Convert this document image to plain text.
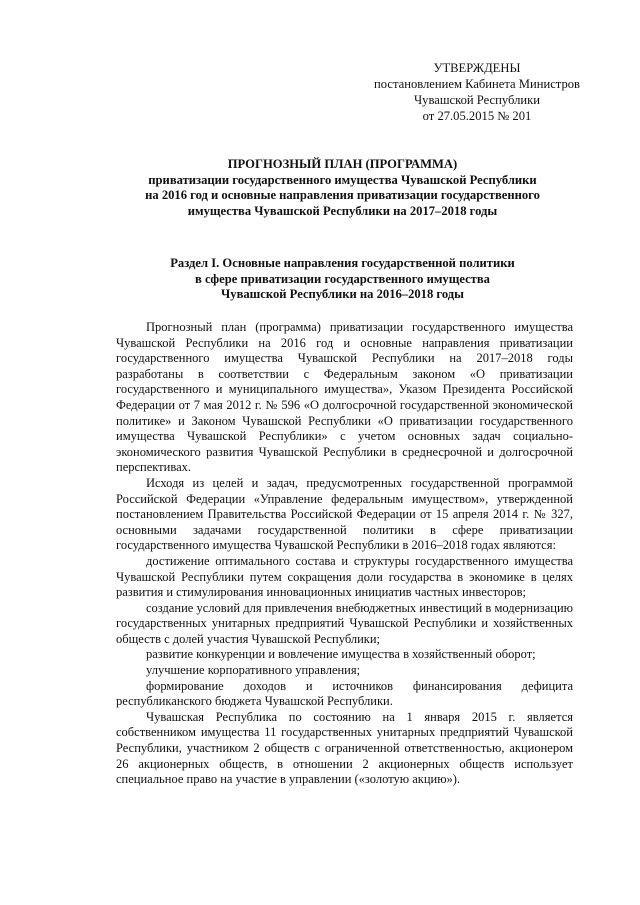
УТВЕРЖДЕНЫ
постановлением Кабинета Министров
Чувашской Республики
от 27.05.2015 № 201
ПРОГНОЗНЫЙ ПЛАН (ПРОГРАММА)
приватизации государственного имущества Чувашской Республики
на 2016 год и основные направления приватизации государственного
имущества Чувашской Республики на 2017–2018 годы
Раздел I. Основные направления государственной политики
в сфере приватизации государственного имущества
Чувашской Республики на 2016–2018 годы

Прогнозный план (программа) приватизации государственного имущества Чувашской Республики на 2016 год и основные направления приватизации государственного имущества Чувашской Республики на 2017–2018 годы разработаны в соответствии с Федеральным законом «О приватизации государственного и муниципального имущества», Указом Президента Российской Федерации от 7 мая 2012 г. № 596 «О долгосрочной государственной экономической политике» и Законом Чувашской Республики «О приватизации государственного имущества Чувашской Республики» с учетом основных задач социально-экономического развития Чувашской Республики в среднесрочной и долгосрочной перспективах.

Исходя из целей и задач, предусмотренных государственной программой Российской Федерации «Управление федеральным имуществом», утвержденной постановлением Правительства Российской Федерации от 15 апреля 2014 г. № 327, основными задачами государственной политики в сфере приватизации государственного имущества Чувашской Республики в 2016–2018 годах являются:

достижение оптимального состава и структуры государственного имущества Чувашской Республики путем сокращения доли государства в экономике в целях развития и стимулирования инновационных инициатив частных инвесторов;

создание условий для привлечения внебюджетных инвестиций в модернизацию государственных унитарных предприятий Чувашской Республики и хозяйственных обществ с долей участия Чувашской Республики;

развитие конкуренции и вовлечение имущества в хозяйственный оборот;

улучшение корпоративного управления;

формирование доходов и источников финансирования дефицита республиканского бюджета Чувашской Республики.

Чувашская Республика по состоянию на 1 января 2015 г. является собственником имущества 11 государственных унитарных предприятий Чувашской Республики, участником 2 обществ с ограниченной ответственностью, акционером 26 акционерных обществ, в отношении 2 акционерных обществ использует специальное право на участие в управлении («золотую акцию»).
